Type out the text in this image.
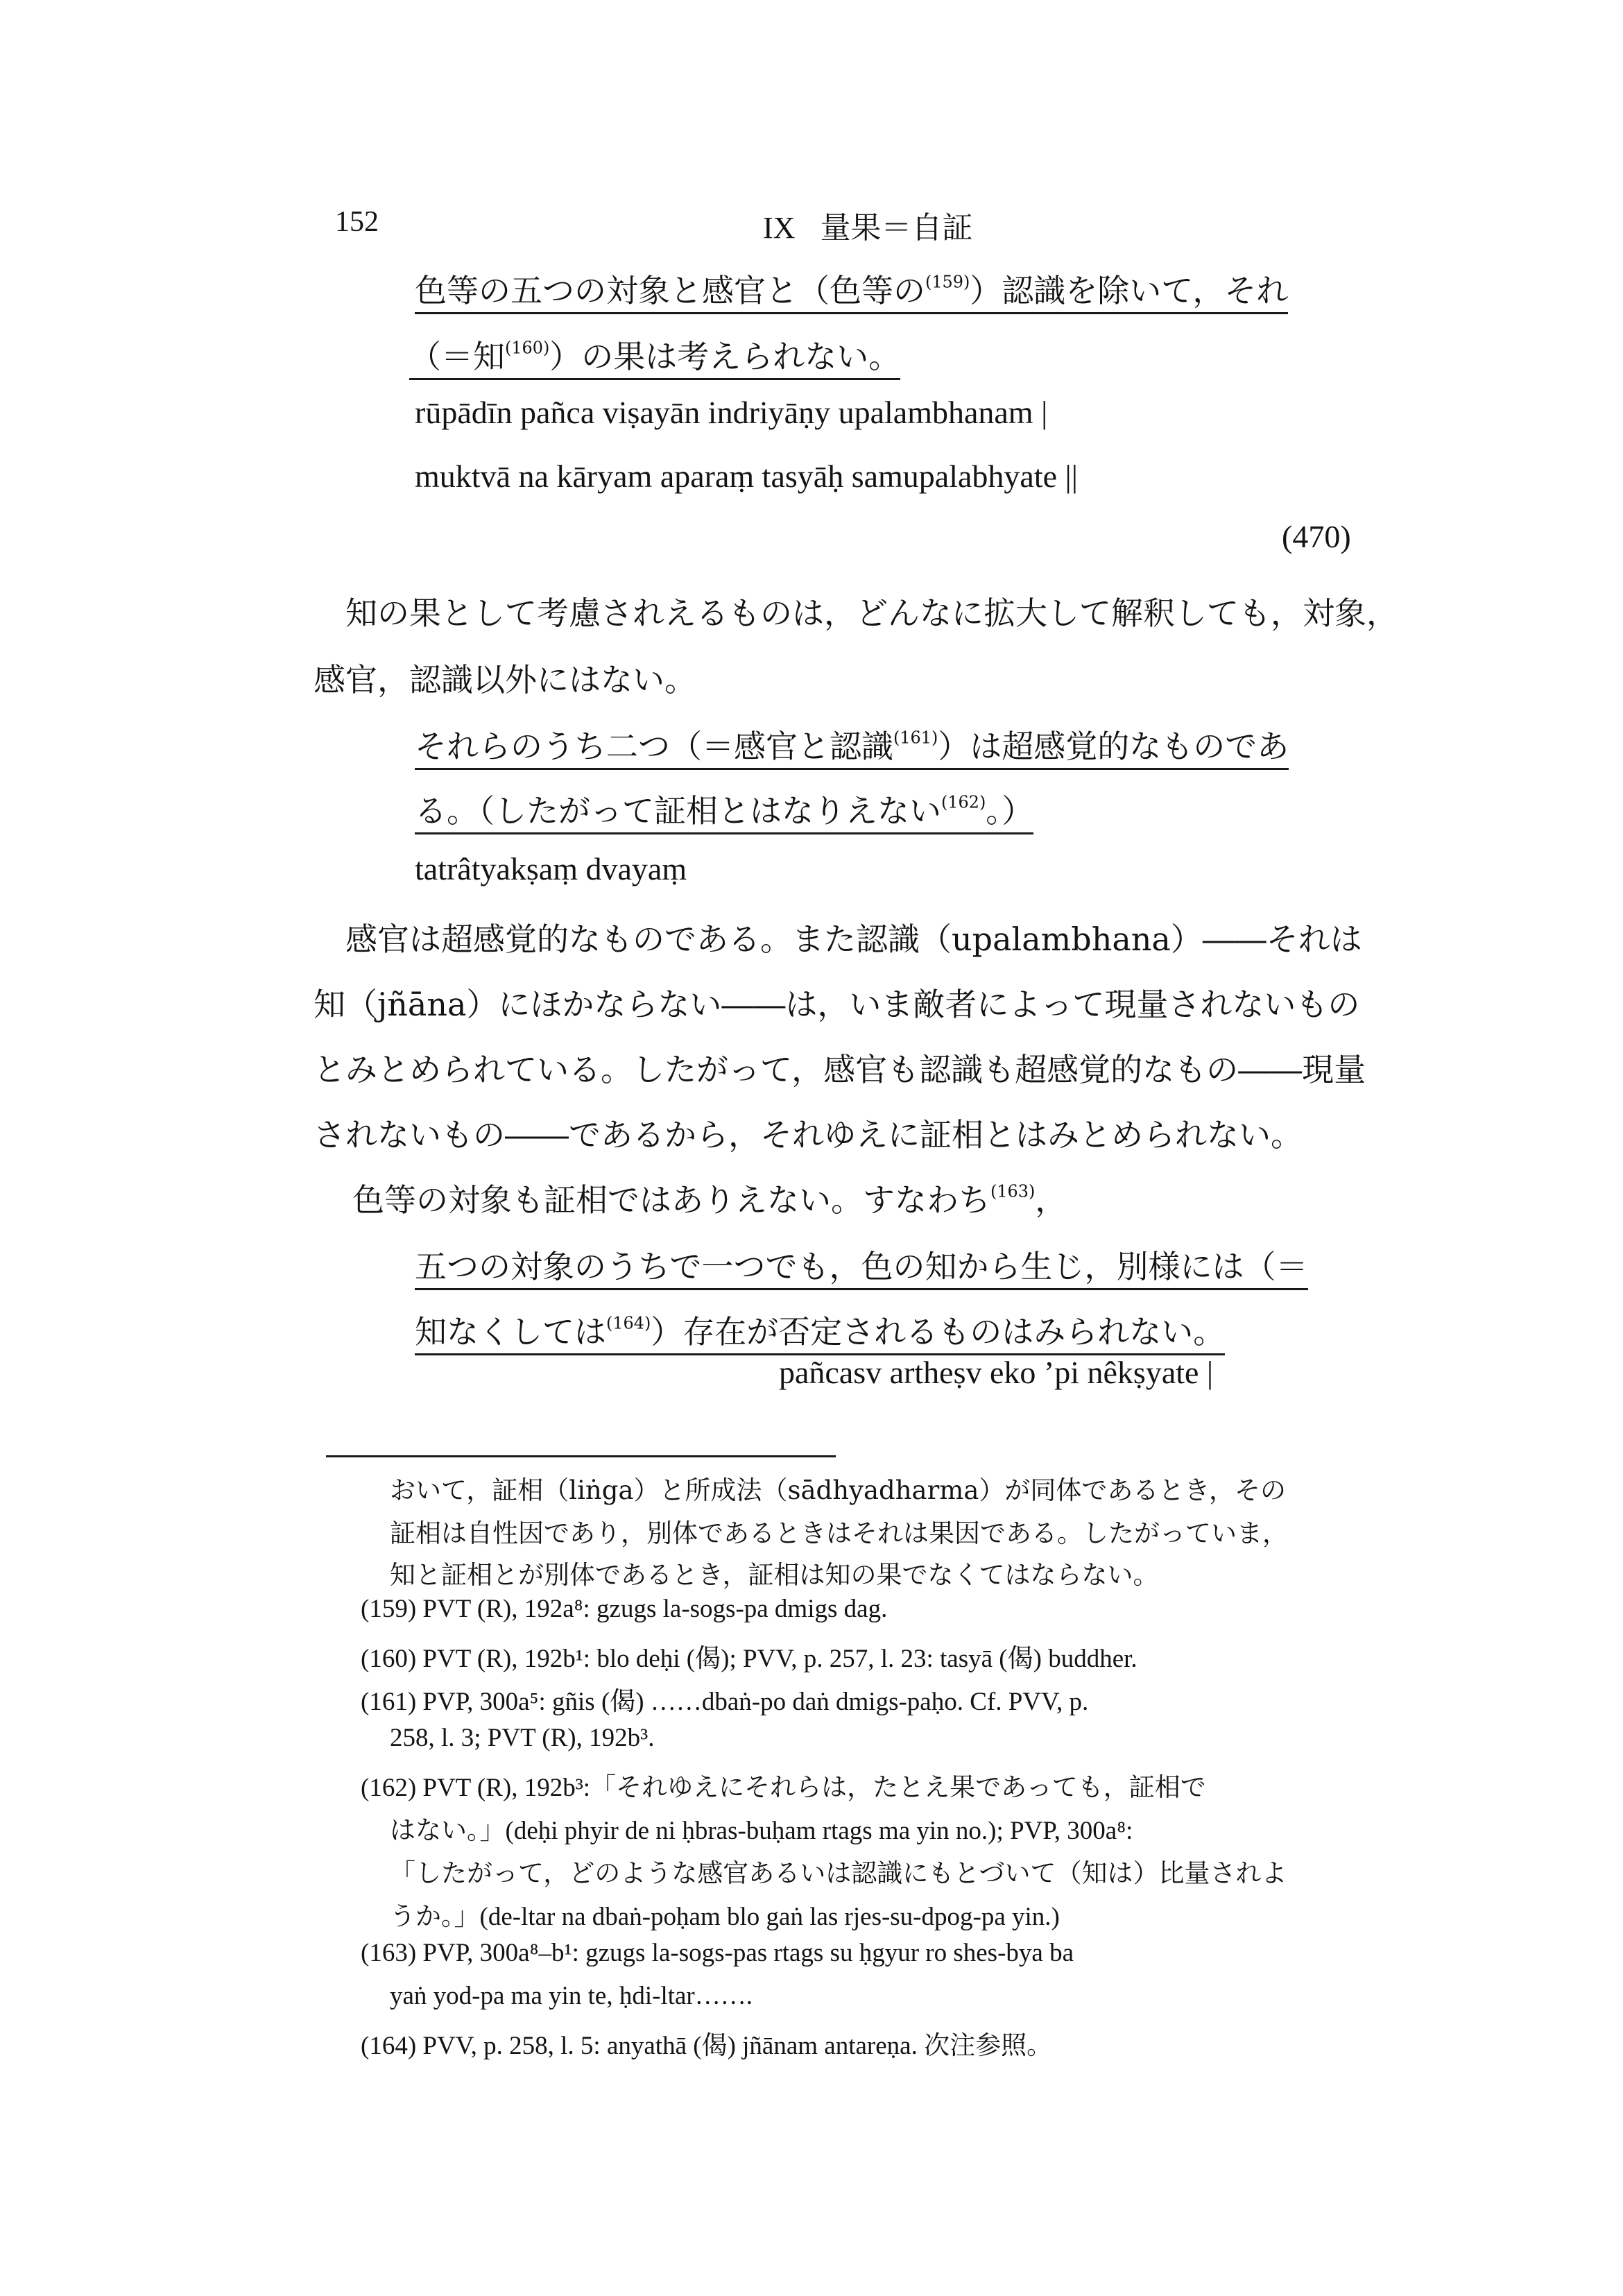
152	IX 量果＝自証
色等の五つの対象と感官と（色等の$^{(159)}$）認識を除いて，それ
（＝知$^{(160)}$）の果は考えられない。
rūpādīn pañca viṣayān indriyāṇy upalambhanam |
muktvā na kāryam aparaṃ tasyāḥ samupalabhyate ||
(470)
知の果として考慮されえるものは，どんなに拡大して解釈しても，対象，
感官，認識以外にはない。
それらのうち二つ（＝感官と認識$^{(161)}$）は超感覚的なものであ
る。（したがって証相とはなりえない$^{(162)}$。）
tatrâtyakṣaṃ dvayaṃ
感官は超感覚的なものである。また認識（upalambhana）――それは
知（jñāna）にほかならない――は，いま敵者によって現量されないもの
とみとめられている。したがって，感官も認識も超感覚的なもの――現量
されないもの――であるから，それゆえに証相とはみとめられない。
色等の対象も証相ではありえない。すなわち$^{(163)}$，
五つの対象のうちで一つでも，色の知から生じ，別様には（＝
知なくしては$^{(164)}$）存在が否定されるものはみられない。
pañcasv artheṣv eko ’pi nêkṣyate |
おいて，証相（liṅga）と所成法（sādhyadharma）が同体であるとき，その
証相は自性因であり，別体であるときはそれは果因である。したがっていま，
知と証相とが別体であるとき，証相は知の果でなくてはならない。
(159) PVT (R), 192a⁸: gzugs la-sogs-pa dmigs dag.
(160) PVT (R), 192b¹: blo deḥi (偈); PVV, p. 257, l. 23: tasyā (偈) buddher.
(161) PVP, 300a⁵: gñis (偈) ……dbaṅ-po daṅ dmigs-paḥo. Cf. PVV, p.
258, l. 3; PVT (R), 192b³.
(162) PVT (R), 192b³:「それゆえにそれらは，たとえ果であっても，証相で
はない。」(deḥi phyir de ni ḥbras-buḥam rtags ma yin no.); PVP, 300a⁸:
「したがって，どのような感官あるいは認識にもとづいて（知は）比量されよ
うか。」(de-ltar na dbaṅ-poḥam blo gaṅ las rjes-su-dpog-pa yin.)
(163) PVP, 300a⁸–b¹: gzugs la-sogs-pas rtags su ḥgyur ro shes-bya ba
yaṅ yod-pa ma yin te, ḥdi-ltar…….
(164) PVV, p. 258, l. 5: anyathā (偈) jñānam antareṇa. 次注参照。
